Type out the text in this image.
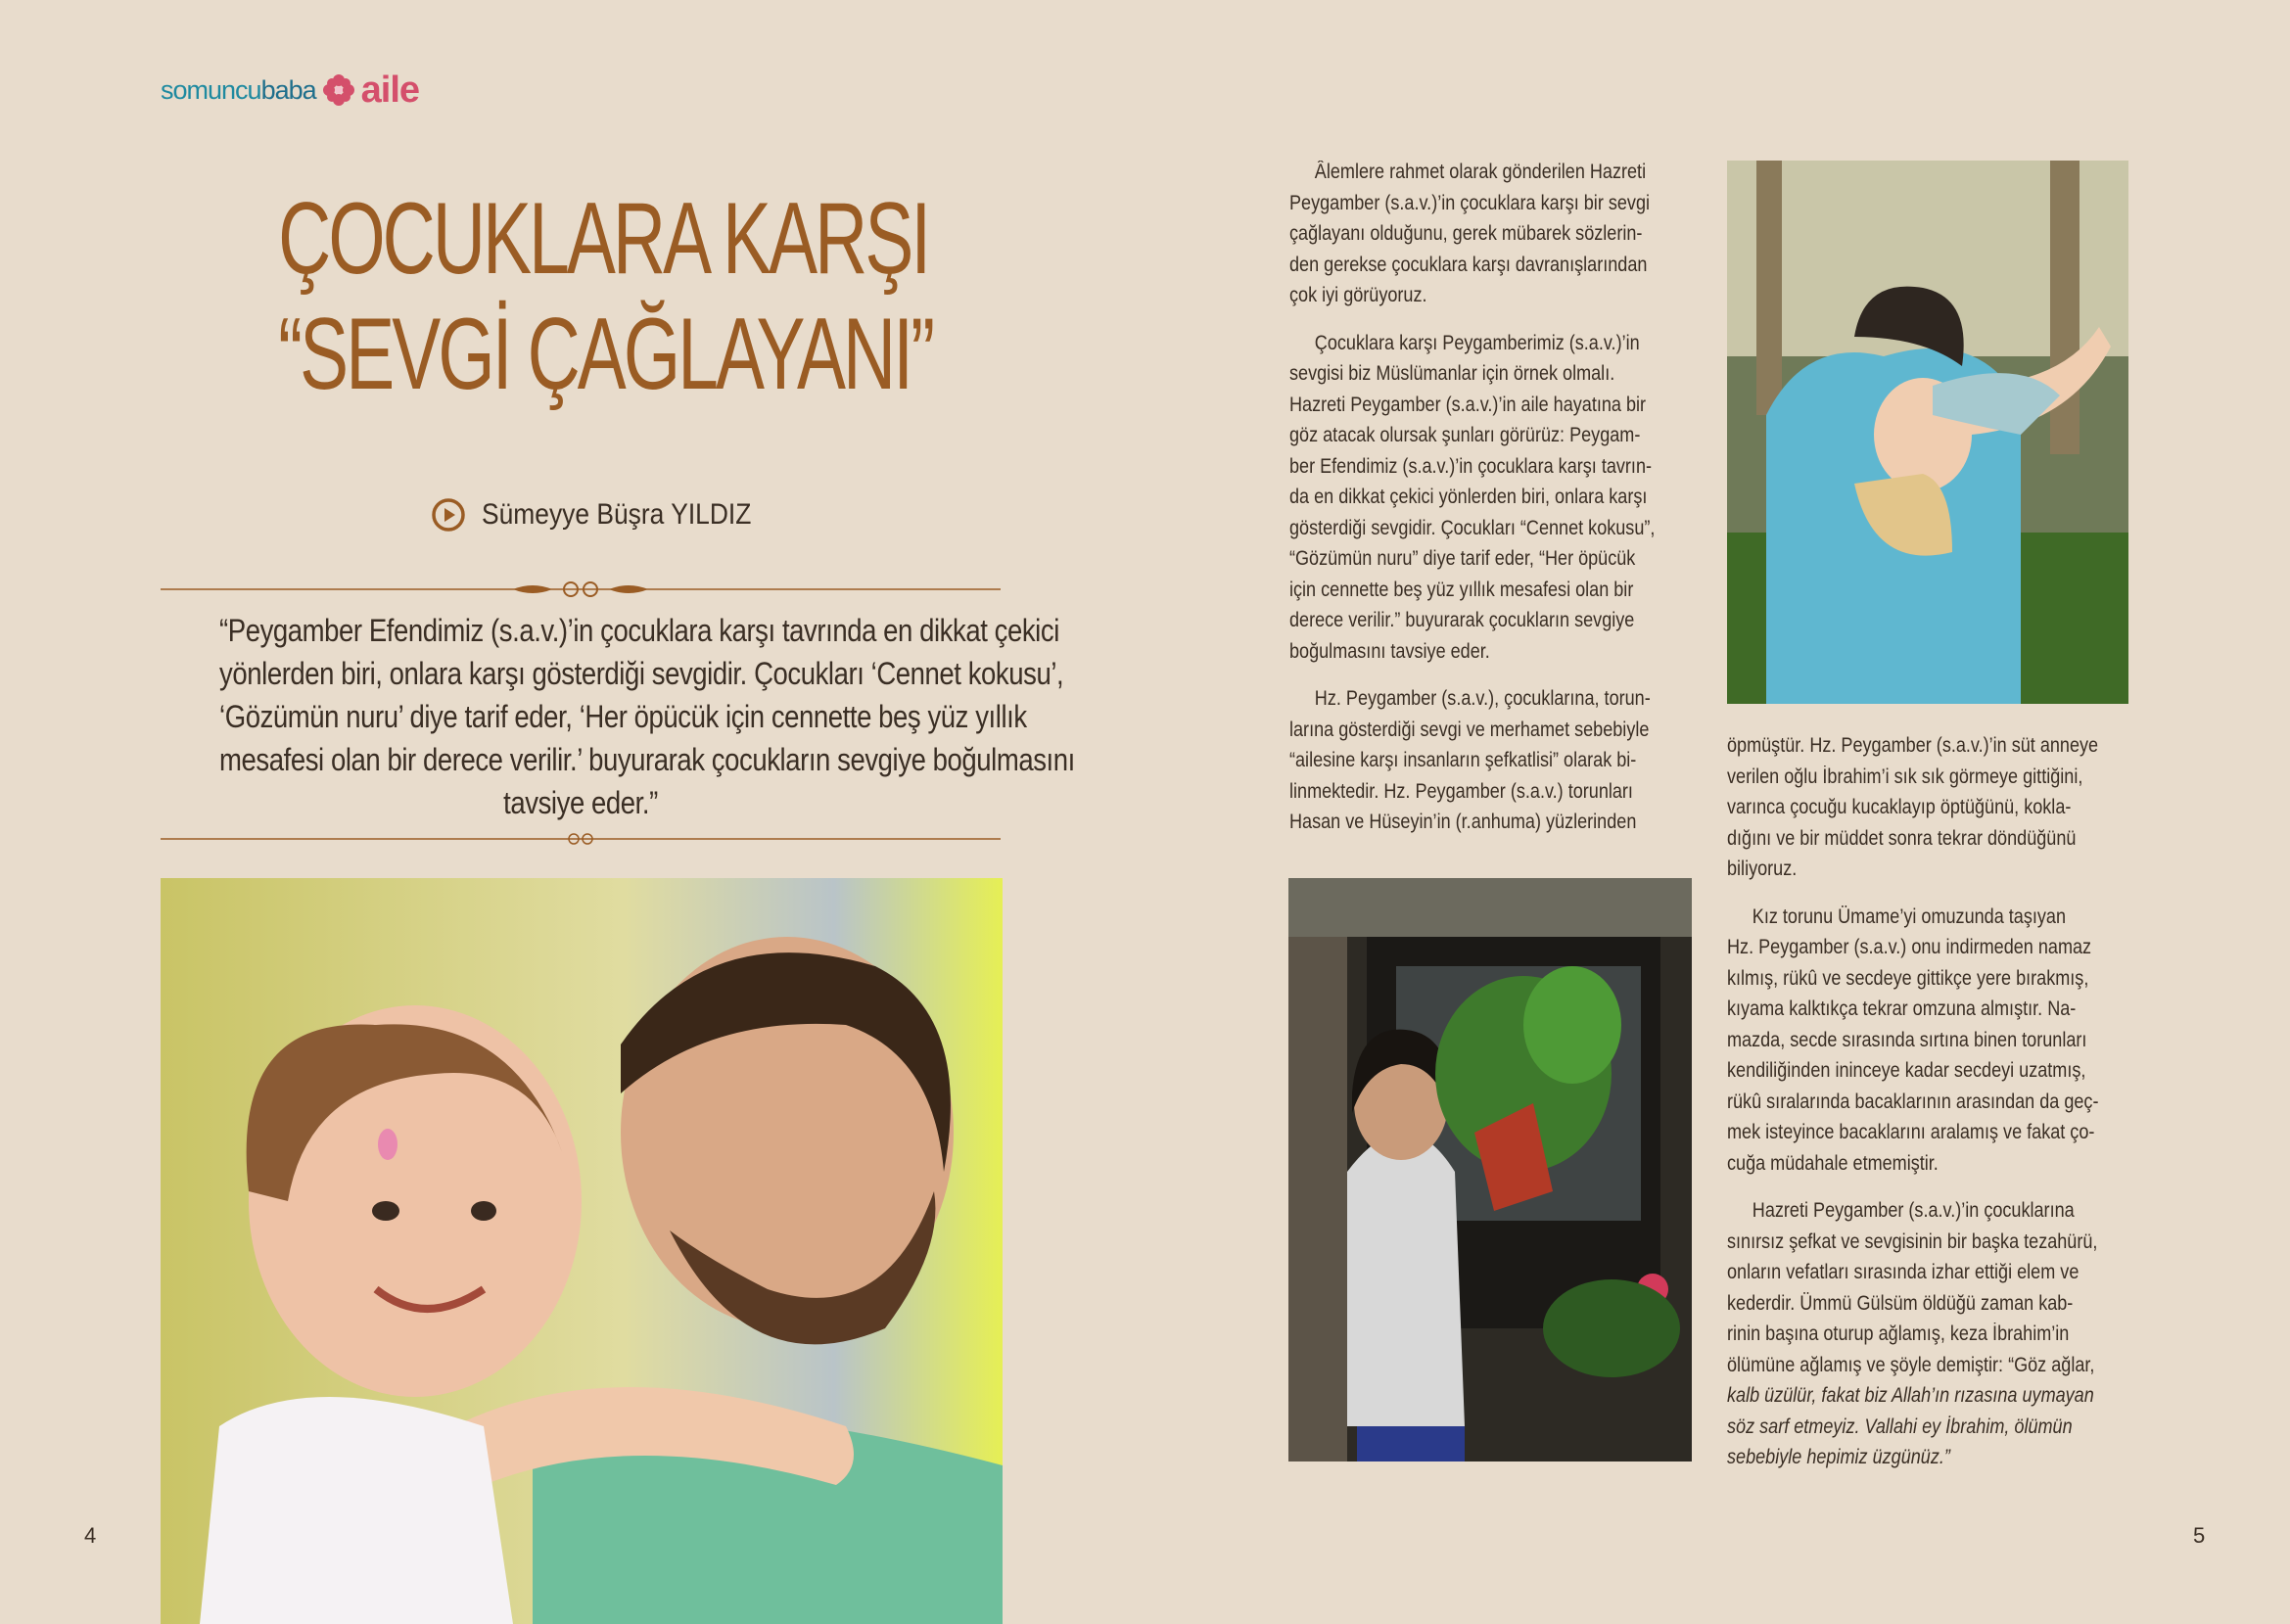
somuncubaba aile
ÇOCUKLARA KARŞI
“SEVGİ ÇAĞLAYANI”
Sümeyye Büşra YILDIZ
“Peygamber Efendimiz (s.a.v.)’in çocuklara karşı tavrında en dikkat çekici
yönlerden biri, onlara karşı gösterdiği sevgidir. Çocukları ‘Cennet kokusu’,
‘Gözümün nuru’ diye tarif eder, ‘Her öpücük için cennette beş yüz yıllık
mesafesi olan bir derece verilir.’ buyurarak çocukların sevgiye boğulmasını
tavsiye eder.”

Âlemlere rahmet olarak gönderilen Hazreti
Peygamber (s.a.v.)’in çocuklara karşı bir sevgi
çağlayanı olduğunu, gerek mübarek sözlerin-
den gerekse çocuklara karşı davranışlarından
çok iyi görüyoruz.

Çocuklara karşı Peygamberimiz (s.a.v.)’in
sevgisi biz Müslümanlar için örnek olmalı.
Hazreti Peygamber (s.a.v.)’in aile hayatına bir
göz atacak olursak şunları görürüz: Peygam-
ber Efendimiz (s.a.v.)’in çocuklara karşı tavrın-
da en dikkat çekici yönlerden biri, onlara karşı
gösterdiği sevgidir. Çocukları “Cennet kokusu”,
“Gözümün nuru” diye tarif eder, “Her öpücük
için cennette beş yüz yıllık mesafesi olan bir
derece verilir.” buyurarak çocukların sevgiye
boğulmasını tavsiye eder.

Hz. Peygamber (s.a.v.), çocuklarına, torun-
larına gösterdiği sevgi ve merhamet sebebiyle
“ailesine karşı insanların şefkatlisi” olarak bi-
linmektedir. Hz. Peygamber (s.a.v.) torunları
Hasan ve Hüseyin’in (r.anhuma) yüzlerinden

öpmüştür. Hz. Peygamber (s.a.v.)’in süt anneye
verilen oğlu İbrahim’i sık sık görmeye gittiğini,
varınca çocuğu kucaklayıp öptüğünü, kokla-
dığını ve bir müddet sonra tekrar döndüğünü
biliyoruz.

Kız torunu Ümame’yi omuzunda taşıyan
Hz. Peygamber (s.a.v.) onu indirmeden namaz
kılmış, rükû ve secdeye gittikçe yere bırakmış,
kıyama kalktıkça tekrar omzuna almıştır. Na-
mazda, secde sırasında sırtına binen torunları
kendiliğinden ininceye kadar secdeyi uzatmış,
rükû sıralarında bacaklarının arasından da geç-
mek isteyince bacaklarını aralamış ve fakat ço-
cuğa müdahale etmemiştir.

Hazreti Peygamber (s.a.v.)’in çocuklarına
sınırsız şefkat ve sevgisinin bir başka tezahürü,
onların vefatları sırasında izhar ettiği elem ve
kederdir. Ümmü Gülsüm öldüğü zaman kab-
rinin başına oturup ağlamış, keza İbrahim’in
ölümüne ağlamış ve şöyle demiştir: “Göz ağlar,
kalb üzülür, fakat biz Allah’ın rızasına uymayan
söz sarf etmeyiz. Vallahi ey İbrahim, ölümün
sebebiyle hepimiz üzgünüz.”

4	5
